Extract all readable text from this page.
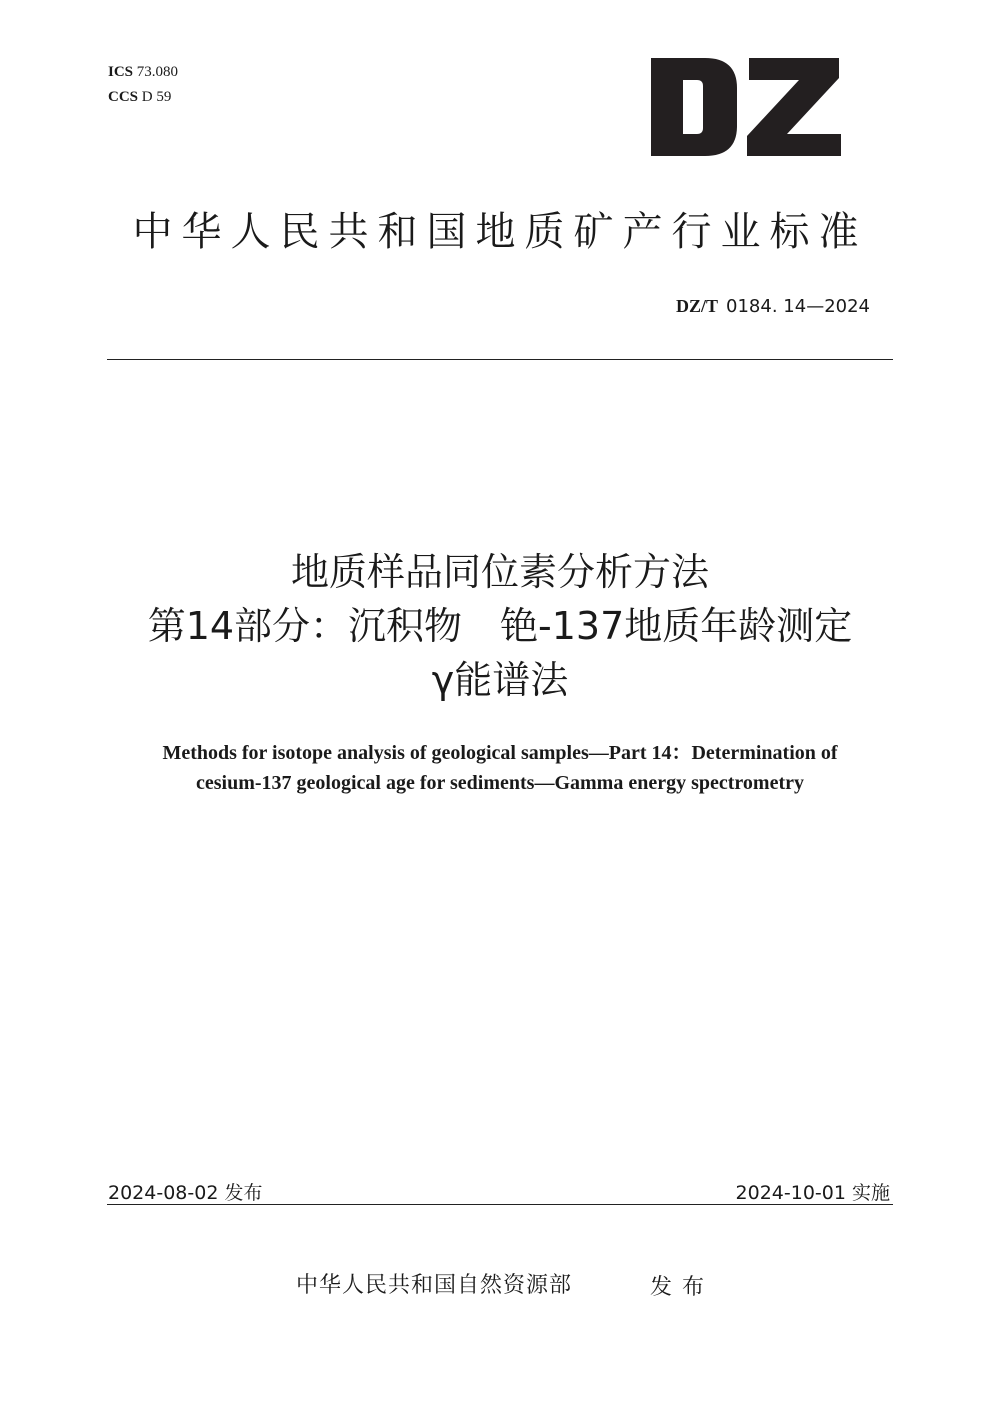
ICS 73.080
CCS D 59
中华人民共和国地质矿产行业标准
DZ/T 0184. 14—2024
地质样品同位素分析方法
第14部分：沉积物　铯-137地质年龄测定
γ能谱法
Methods for isotope analysis of geological samples—Part 14：Determination of
cesium-137 geological age for sediments—Gamma energy spectrometry
2024-08-02 发布	2024-10-01 实施
中华人民共和国自然资源部	发布
